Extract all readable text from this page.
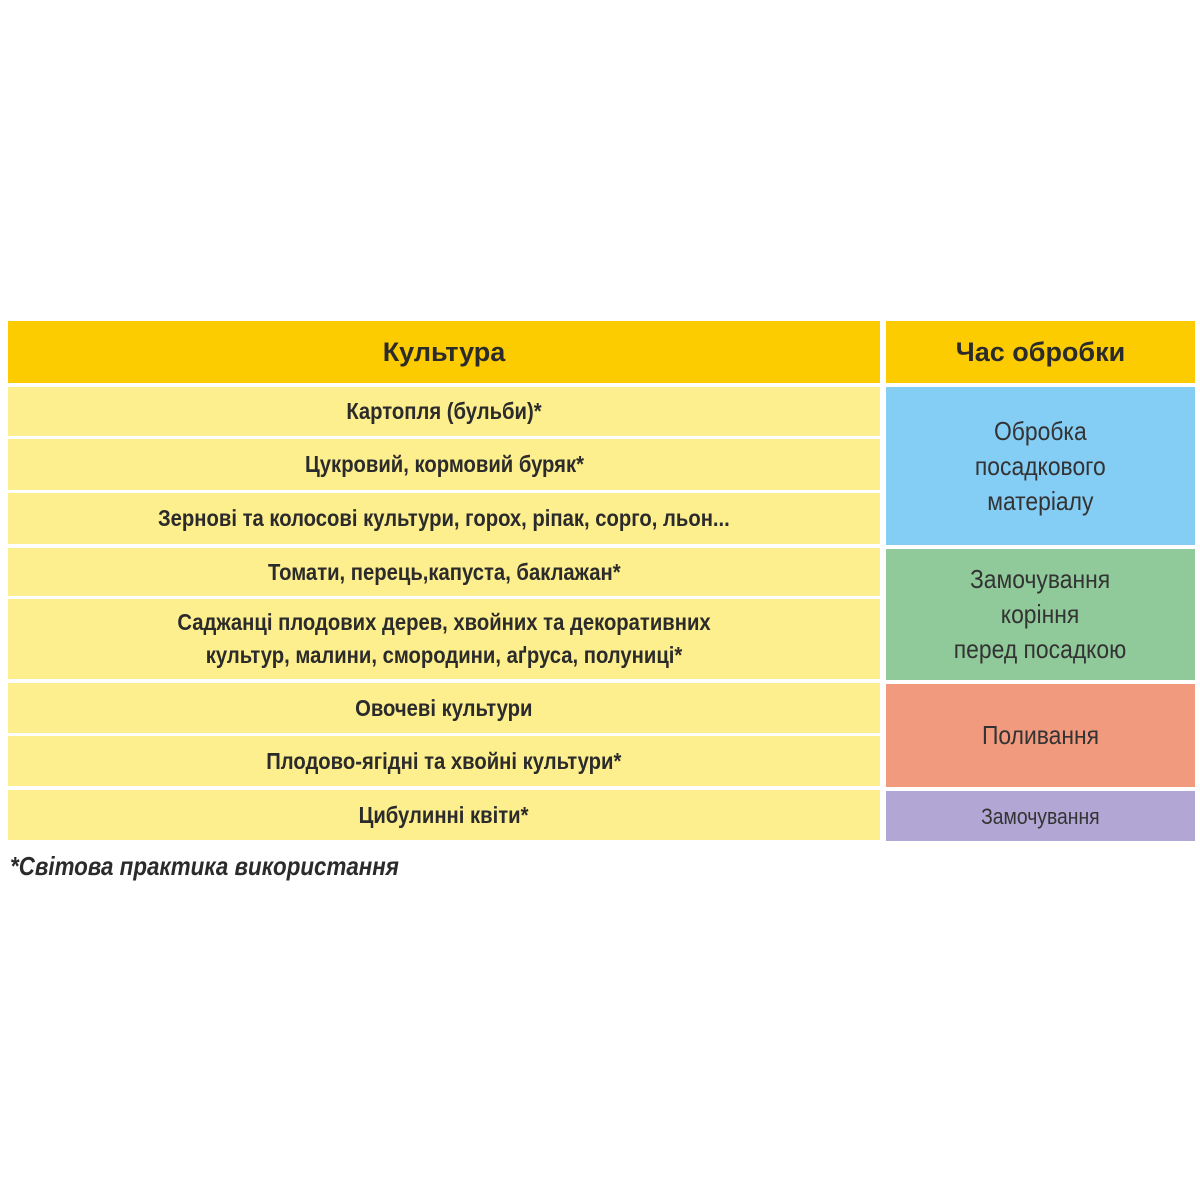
Культура
Картопля (бульби)*
Цукровий, кормовий буряк*
Зернові та колосові культури, горох, ріпак, сорго, льон...
Томати, перець,капуста, баклажан*
Саджанці плодових дерев, хвойних та декоративних
культур, малини, смородини, аґруса, полуниці*
Овочеві культури
Плодово-ягідні та хвойні культури*
Цибулинні квіти*
Час обробки
Обробка
посадкового
матеріалу
Замочування
коріння
перед посадкою
Поливання
Замочування
*Світова практика використання
